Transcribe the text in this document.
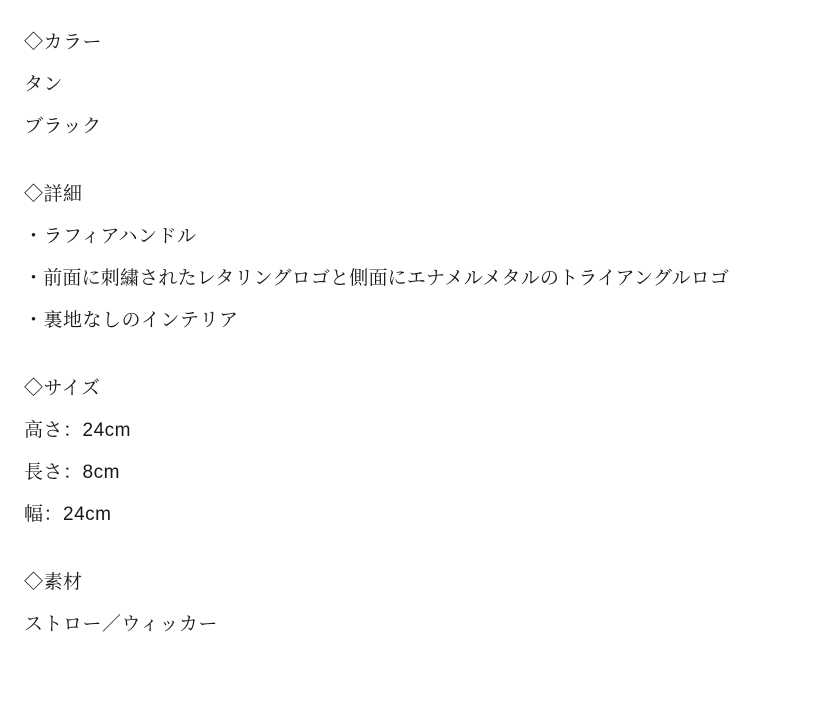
◇カラー
タン
ブラック
◇詳細
・ラフィアハンドル
・前面に刺繍されたレタリングロゴと側面にエナメルメタルのトライアングルロゴ
・裏地なしのインテリア
◇サイズ
高さ：24cm
長さ：8cm
幅：24cm
◇素材
ストロー／ウィッカー
